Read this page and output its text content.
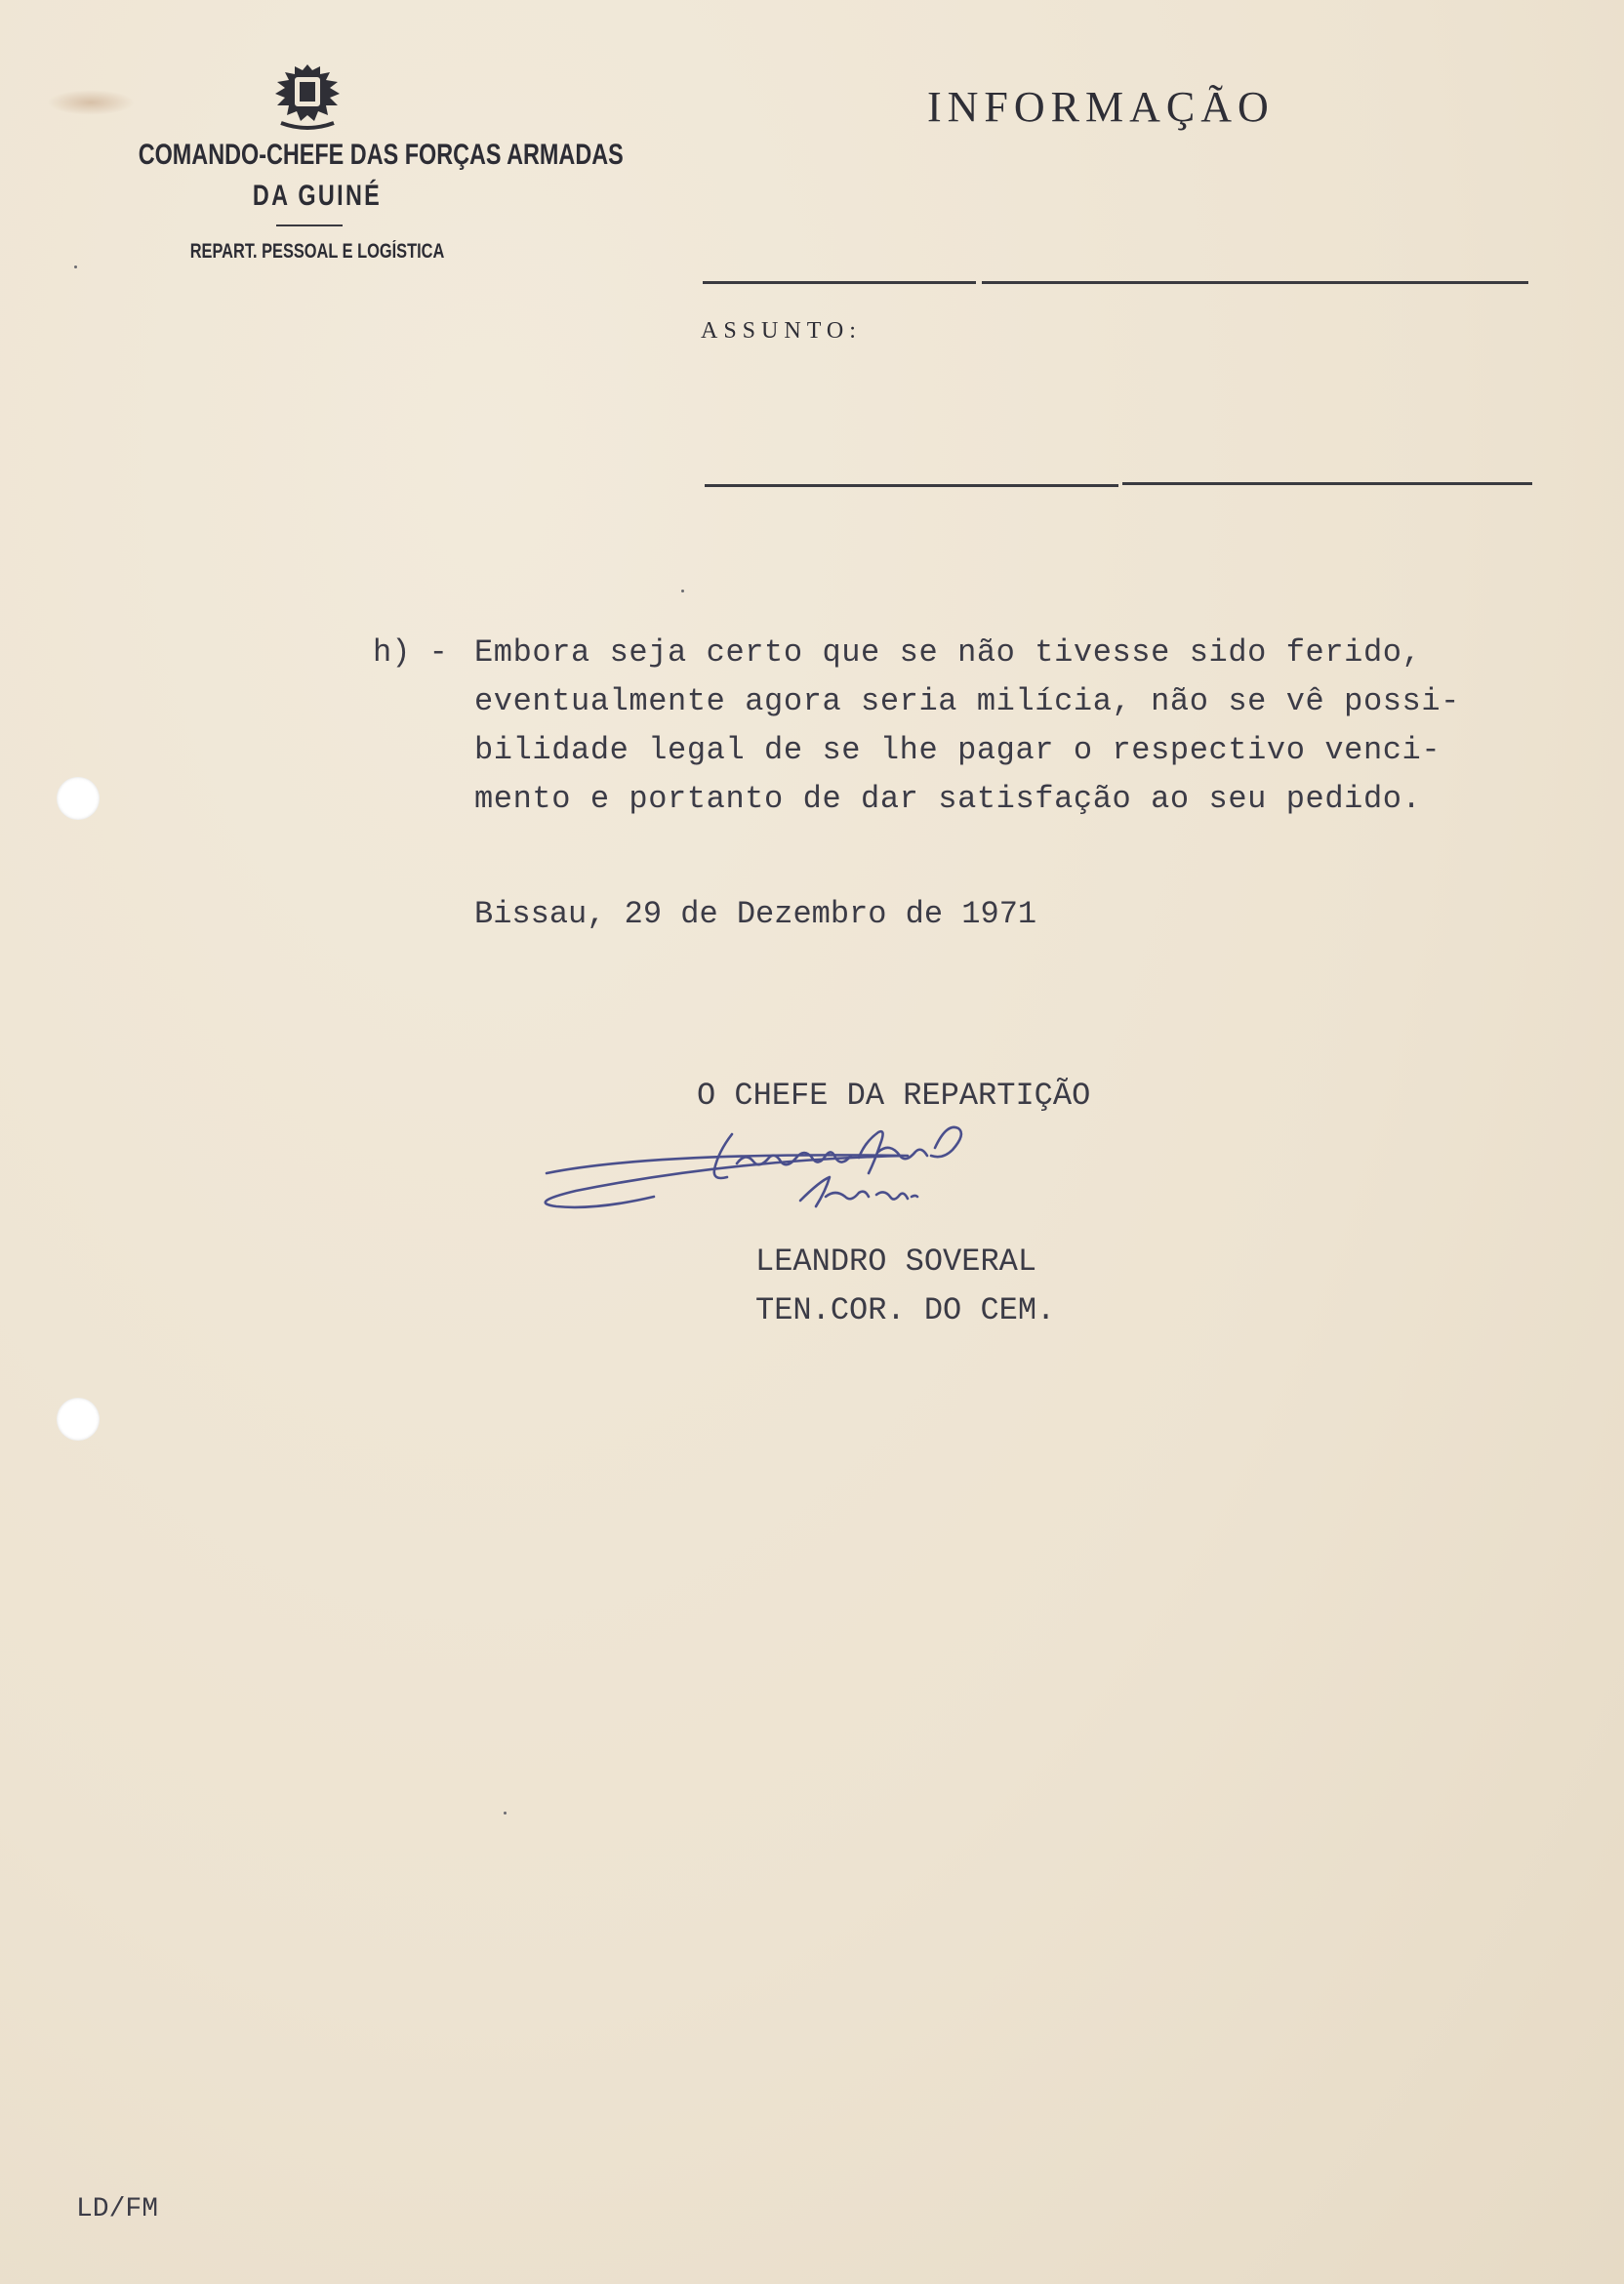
COMANDO-CHEFE DAS FORÇAS ARMADAS
DA GUINÉ
REPART. PESSOAL E LOGÍSTICA
INFORMAÇÃO
ASSUNTO:
h) - Embora seja certo que se não tivesse sido ferido,
eventualmente agora seria milícia, não se vê possi-
bilidade legal de se lhe pagar o respectivo venci-
mento e portanto de dar satisfação ao seu pedido.
Bissau, 29 de Dezembro de 1971
O CHEFE DA REPARTIÇÃO
LEANDRO SOVERAL
TEN.COR. DO CEM.
LD/FM
